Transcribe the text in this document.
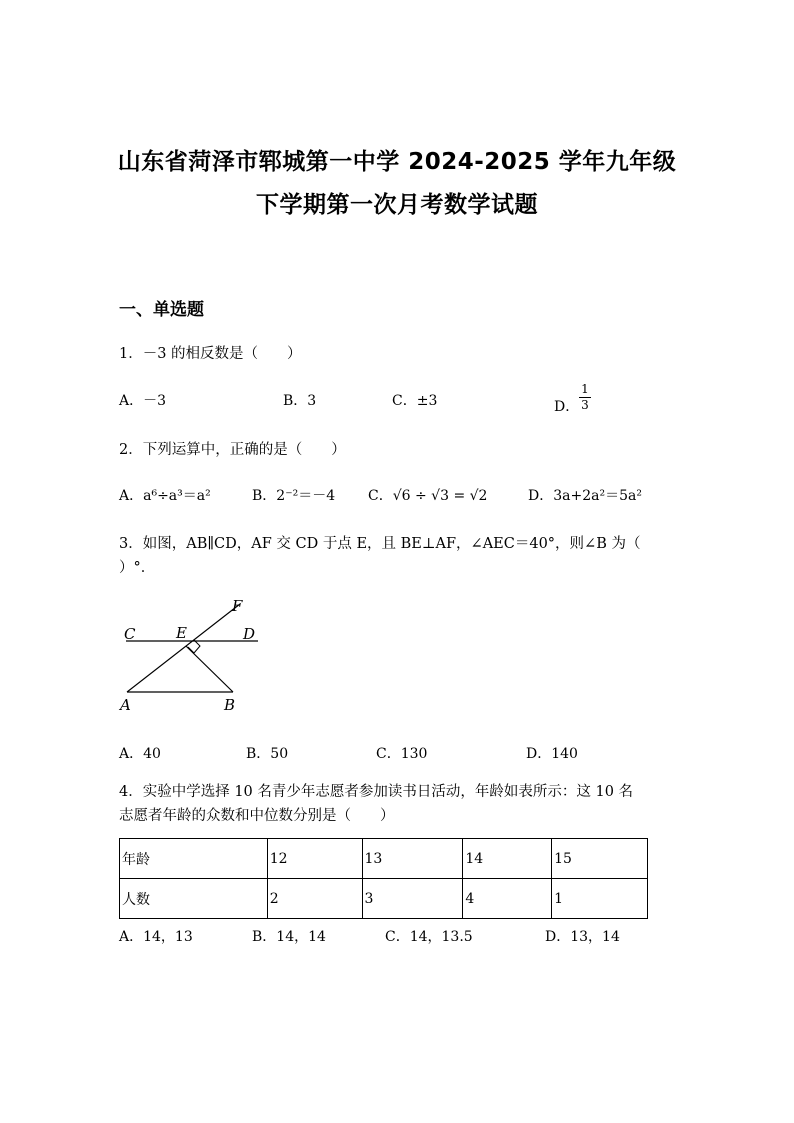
山东省菏泽市郓城第一中学 2024-2025 学年九年级
下学期第一次月考数学试题
一、单选题
1．－3 的相反数是（　　）
A．－3	B．3	C．±3	D．
1
3
2．下列运算中，正确的是（　　）
A．a⁶÷a³＝a²	B．2⁻²＝－4 C．√6 ÷ √3 = √2	D．3a+2a²＝5a²
3．如图，AB∥CD，AF 交 CD 于点 E，且 BE⊥AF，∠AEC＝40°，则∠B 为（
）°．
F
C	E	D
A	B
A．40	B．50	C．130	D．140
4．实验中学选择 10 名青少年志愿者参加读书日活动，年龄如表所示：这 10 名
志愿者年龄的众数和中位数分别是（　　）
年龄	12	13	14	15
人数	2	3	4	1
A．14，13	B．14，14	C．14，13.5	D．13，14
